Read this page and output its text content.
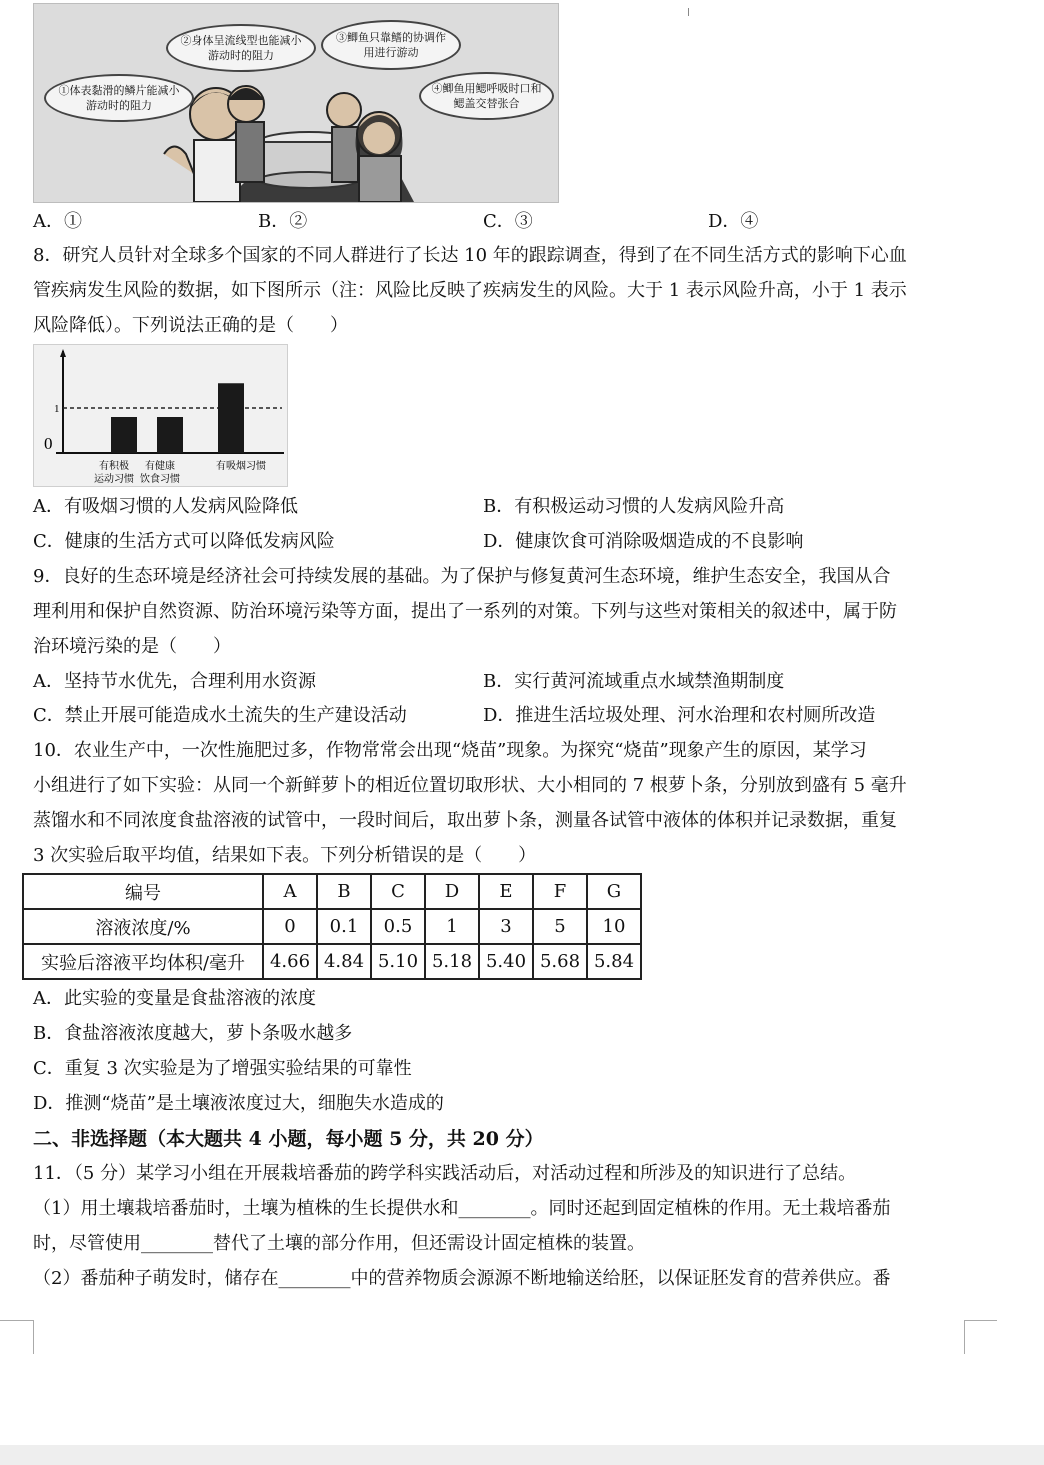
①体表黏滑的鳞片能减小游动时的阻力
②身体呈流线型也能减小游动时的阻力
③鲫鱼只靠鳍的协调作用进行游动
④鲫鱼用鳃呼吸时口和鳃盖交替张合
A．①	B．②	C．③	D．④
8．研究人员针对全球多个国家的不同人群进行了长达 10 年的跟踪调查，得到了在不同生活方式的影响下心血
管疾病发生风险的数据，如下图所示（注：风险比反映了疾病发生的风险。大于 1 表示风险升高，小于 1 表示
风险降低）。下列说法正确的是（　　）
0
1
有积极
运动习惯
有健康
饮食习惯
有吸烟习惯
A．有吸烟习惯的人发病风险降低	B．有积极运动习惯的人发病风险升高
C．健康的生活方式可以降低发病风险	D．健康饮食可消除吸烟造成的不良影响
9．良好的生态环境是经济社会可持续发展的基础。为了保护与修复黄河生态环境，维护生态安全，我国从合
理利用和保护自然资源、防治环境污染等方面，提出了一系列的对策。下列与这些对策相关的叙述中，属于防
治环境污染的是（　　）
A．坚持节水优先，合理利用水资源	B．实行黄河流域重点水域禁渔期制度
C．禁止开展可能造成水土流失的生产建设活动	D．推进生活垃圾处理、河水治理和农村厕所改造
10．农业生产中，一次性施肥过多，作物常常会出现“烧苗”现象。为探究“烧苗”现象产生的原因，某学习
小组进行了如下实验：从同一个新鲜萝卜的相近位置切取形状、大小相同的 7 根萝卜条，分别放到盛有 5 毫升
蒸馏水和不同浓度食盐溶液的试管中，一段时间后，取出萝卜条，测量各试管中液体的体积并记录数据，重复
3 次实验后取平均值，结果如下表。下列分析错误的是（　　）
编号	A	B	C	D	E	F	G
溶液浓度/%	0	0.1	0.5	1	3	5	10
实验后溶液平均体积/毫升	4.66	4.84	5.10	5.18	5.40	5.68	5.84
A．此实验的变量是食盐溶液的浓度
B．食盐溶液浓度越大，萝卜条吸水越多
C．重复 3 次实验是为了增强实验结果的可靠性
D．推测“烧苗”是土壤液浓度过大，细胞失水造成的
二、非选择题（本大题共 4 小题，每小题 5 分，共 20 分）
11．（5 分）某学习小组在开展栽培番茄的跨学科实践活动后，对活动过程和所涉及的知识进行了总结。
（1）用土壤栽培番茄时，土壤为植株的生长提供水和________。同时还起到固定植株的作用。无土栽培番茄
时，尽管使用________替代了土壤的部分作用，但还需设计固定植株的装置。
（2）番茄种子萌发时，储存在________中的营养物质会源源不断地输送给胚，以保证胚发育的营养供应。番
